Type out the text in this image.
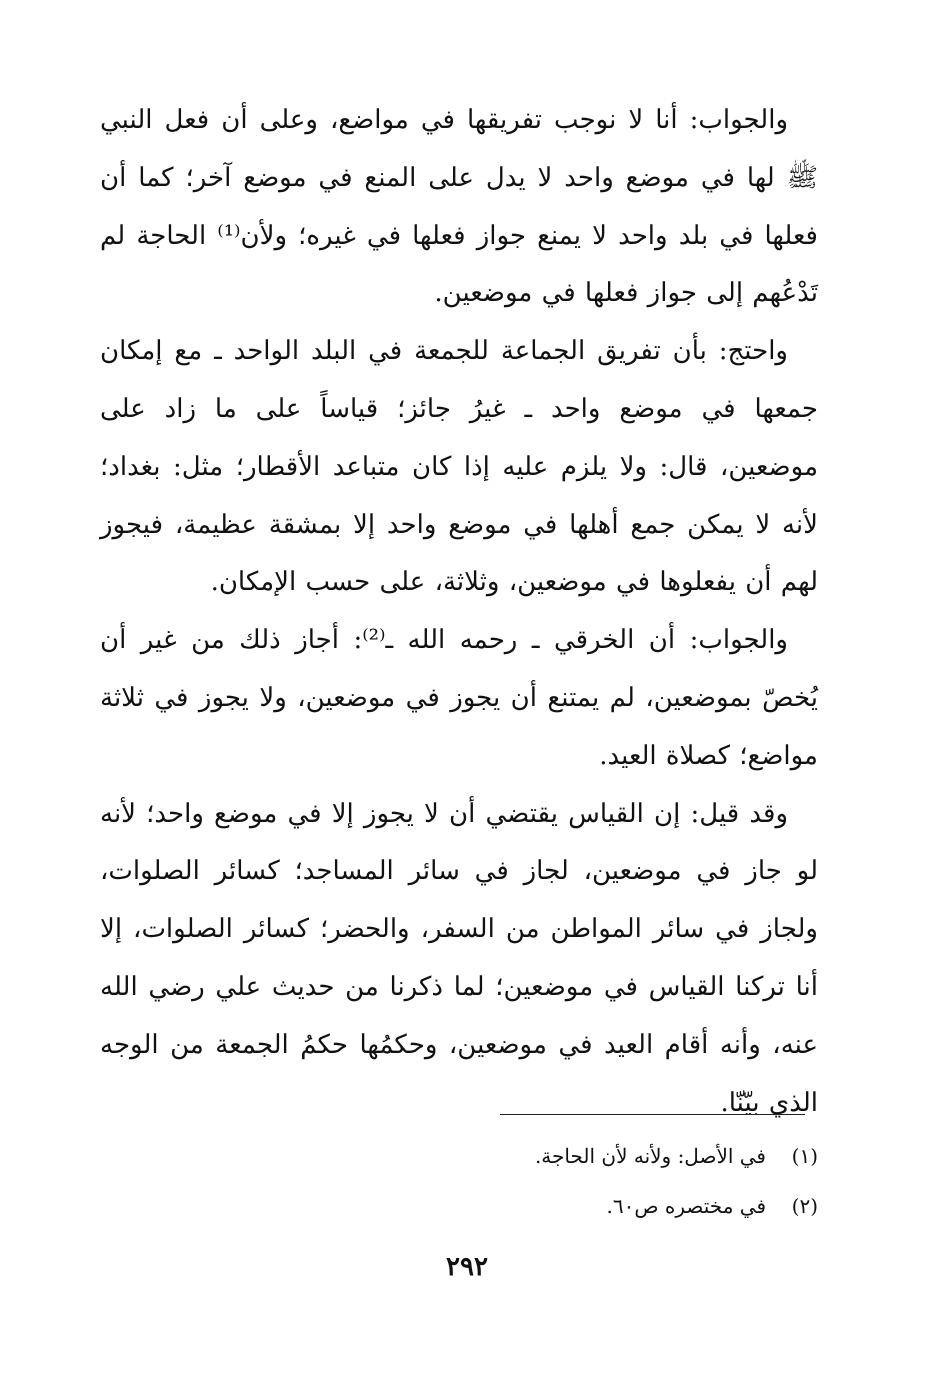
والجواب: أنا لا نوجب تفريقها في مواضع، وعلى أن فعل النبي ﷺ لها في موضع واحد لا يدل على المنع في موضع آخر؛ كما أن فعلها في بلد واحد لا يمنع جواز فعلها في غيره؛ ولأن⁽¹⁾ الحاجة لم تَدْعُهم إلى جواز فعلها في موضعين.

واحتج: بأن تفريق الجماعة للجمعة في البلد الواحد ـ مع إمكان جمعها في موضع واحد ـ غيرُ جائز؛ قياساً على ما زاد على موضعين، قال: ولا يلزم عليه إذا كان متباعد الأقطار؛ مثل: بغداد؛ لأنه لا يمكن جمع أهلها في موضع واحد إلا بمشقة عظيمة، فيجوز لهم أن يفعلوها في موضعين، وثلاثة، على حسب الإمكان.

والجواب: أن الخرقي ـ رحمه الله ـ⁽²⁾: أجاز ذلك من غير أن يُخصّ بموضعين، لم يمتنع أن يجوز في موضعين، ولا يجوز في ثلاثة مواضع؛ كصلاة العيد.

وقد قيل: إن القياس يقتضي أن لا يجوز إلا في موضع واحد؛ لأنه لو جاز في موضعين، لجاز في سائر المساجد؛ كسائر الصلوات، ولجاز في سائر المواطن من السفر، والحضر؛ كسائر الصلوات، إلا أنا تركنا القياس في موضعين؛ لما ذكرنا من حديث علي رضي الله عنه، وأنه أقام العيد في موضعين، وحكمُها حكمُ الجمعة من الوجه الذي بيّنّا.

(١)في الأصل: ولأنه لأن الحاجة.

(٢)في مختصره ص٦٠.

٢٩٢
